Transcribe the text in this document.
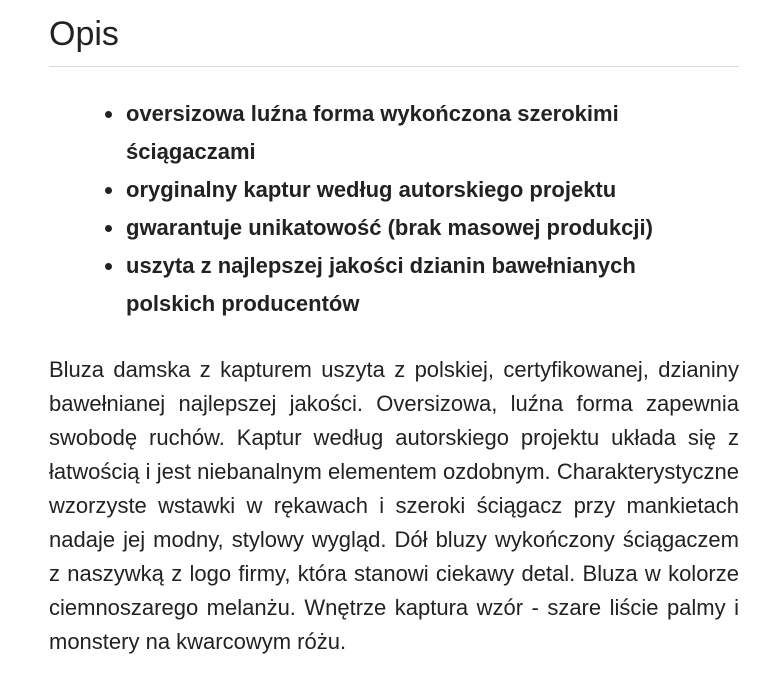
Opis
oversizowa luźna forma wykończona szerokimi ściągaczami
oryginalny kaptur według autorskiego projektu
gwarantuje unikatowość (brak masowej produkcji)
uszyta z najlepszej jakości dzianin bawełnianych polskich producentów

Bluza damska z kapturem uszyta z polskiej, certyfikowanej, dzianiny bawełnianej najlepszej jakości. Oversizowa, luźna forma zapewnia swobodę ruchów. Kaptur według autorskiego projektu układa się z łatwością i jest niebanalnym elementem ozdobnym. Charakterystyczne wzorzyste wstawki w rękawach i szeroki ściągacz przy mankietach nadaje jej modny, stylowy wygląd. Dół bluzy wykończony ściągaczem z naszywką z logo firmy, która stanowi ciekawy detal. Bluza w kolorze ciemnoszarego melanżu. Wnętrze kaptura wzór - szare liście palmy i monstery na kwarcowym różu.
